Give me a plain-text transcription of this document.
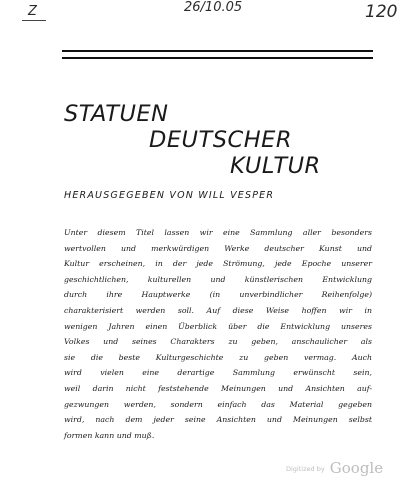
Z	26/10.05	120
STATUEN
DEUTSCHER
KULTUR
HERAUSGEGEBEN VON WILL VESPER
Unter diesem Titel lassen wir eine Sammlung aller besonders
wertvollen und merkwürdigen Werke deutscher Kunst und
Kultur erscheinen, in der jede Strömung, jede Epoche unserer
geschichtlichen, kulturellen und künstlerischen Entwicklung
durch ihre Hauptwerke (in unverbindlicher Reihenfolge)
charakterisiert werden soll. Auf diese Weise hoffen wir in
wenigen Jahren einen Überblick über die Entwicklung unseres
Volkes und seines Charakters zu geben, anschaulicher als
sie die beste Kulturgeschichte zu geben vermag. Auch
wird vielen eine derartige Sammlung erwünscht sein,
weil darin nicht feststehende Meinungen und Ansichten auf-
gezwungen werden, sondern einfach das Material gegeben
wird, nach dem jeder seine Ansichten und Meinungen selbst
formen kann und muß.
Digitized by Google
